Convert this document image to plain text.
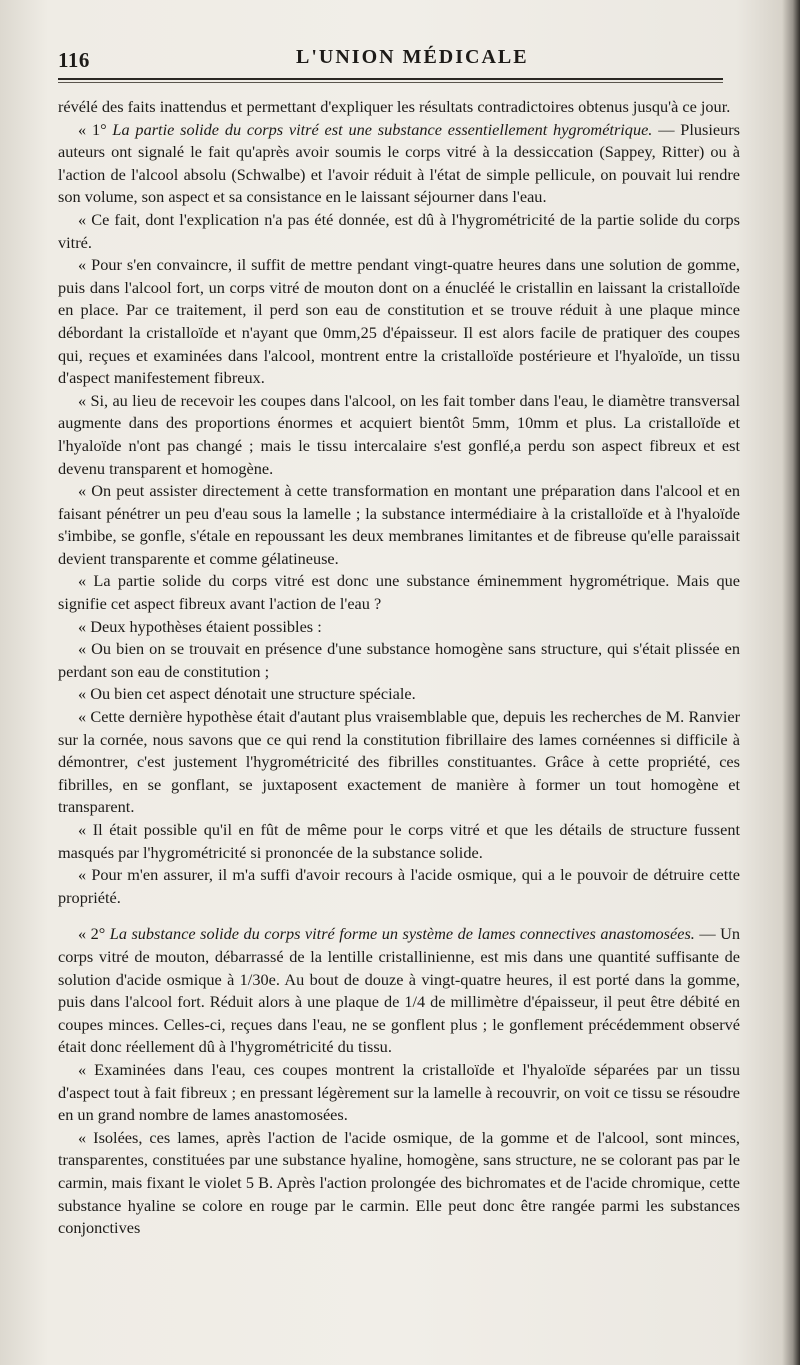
116	L'UNION MÉDICALE

révélé des faits inattendus et permettant d'expliquer les résultats contradictoires obtenus jusqu'à ce jour.

« 1° La partie solide du corps vitré est une substance essentiellement hygrométrique. — Plusieurs auteurs ont signalé le fait qu'après avoir soumis le corps vitré à la dessiccation (Sappey, Ritter) ou à l'action de l'alcool absolu (Schwalbe) et l'avoir réduit à l'état de simple pellicule, on pouvait lui rendre son volume, son aspect et sa consistance en le laissant séjourner dans l'eau.

« Ce fait, dont l'explication n'a pas été donnée, est dû à l'hygrométricité de la partie solide du corps vitré.

« Pour s'en convaincre, il suffit de mettre pendant vingt-quatre heures dans une solution de gomme, puis dans l'alcool fort, un corps vitré de mouton dont on a énucléé le cristallin en laissant la cristalloïde en place. Par ce traitement, il perd son eau de constitution et se trouve réduit à une plaque mince débordant la cristalloïde et n'ayant que 0mm,25 d'épaisseur. Il est alors facile de pratiquer des coupes qui, reçues et examinées dans l'alcool, montrent entre la cristalloïde postérieure et l'hyaloïde, un tissu d'aspect manifestement fibreux.

« Si, au lieu de recevoir les coupes dans l'alcool, on les fait tomber dans l'eau, le diamètre transversal augmente dans des proportions énormes et acquiert bientôt 5mm, 10mm et plus. La cristalloïde et l'hyaloïde n'ont pas changé ; mais le tissu intercalaire s'est gonflé,a perdu son aspect fibreux et est devenu transparent et homogène.

« On peut assister directement à cette transformation en montant une préparation dans l'alcool et en faisant pénétrer un peu d'eau sous la lamelle ; la substance intermédiaire à la cristalloïde et à l'hyaloïde s'imbibe, se gonfle, s'étale en repoussant les deux membranes limitantes et de fibreuse qu'elle paraissait devient transparente et comme gélatineuse.

« La partie solide du corps vitré est donc une substance éminemment hygrométrique. Mais que signifie cet aspect fibreux avant l'action de l'eau ?

« Deux hypothèses étaient possibles :

« Ou bien on se trouvait en présence d'une substance homogène sans structure, qui s'était plissée en perdant son eau de constitution ;

« Ou bien cet aspect dénotait une structure spéciale.

« Cette dernière hypothèse était d'autant plus vraisemblable que, depuis les recherches de M. Ranvier sur la cornée, nous savons que ce qui rend la constitution fibrillaire des lames cornéennes si difficile à démontrer, c'est justement l'hygrométricité des fibrilles constituantes. Grâce à cette propriété, ces fibrilles, en se gonflant, se juxtaposent exactement de manière à former un tout homogène et transparent.

« Il était possible qu'il en fût de même pour le corps vitré et que les détails de structure fussent masqués par l'hygrométricité si prononcée de la substance solide.

« Pour m'en assurer, il m'a suffi d'avoir recours à l'acide osmique, qui a le pouvoir de détruire cette propriété.

« 2° La substance solide du corps vitré forme un système de lames connectives anastomosées. — Un corps vitré de mouton, débarrassé de la lentille cristallinienne, est mis dans une quantité suffisante de solution d'acide osmique à 1/30e. Au bout de douze à vingt-quatre heures, il est porté dans la gomme, puis dans l'alcool fort. Réduit alors à une plaque de 1/4 de millimètre d'épaisseur, il peut être débité en coupes minces. Celles-ci, reçues dans l'eau, ne se gonflent plus ; le gonflement précédemment observé était donc réellement dû à l'hygrométricité du tissu.

« Examinées dans l'eau, ces coupes montrent la cristalloïde et l'hyaloïde séparées par un tissu d'aspect tout à fait fibreux ; en pressant légèrement sur la lamelle à recouvrir, on voit ce tissu se résoudre en un grand nombre de lames anastomosées.

« Isolées, ces lames, après l'action de l'acide osmique, de la gomme et de l'alcool, sont minces, transparentes, constituées par une substance hyaline, homogène, sans structure, ne se colorant pas par le carmin, mais fixant le violet 5 B. Après l'action prolongée des bichromates et de l'acide chromique, cette substance hyaline se colore en rouge par le carmin. Elle peut donc être rangée parmi les substances conjonctives
